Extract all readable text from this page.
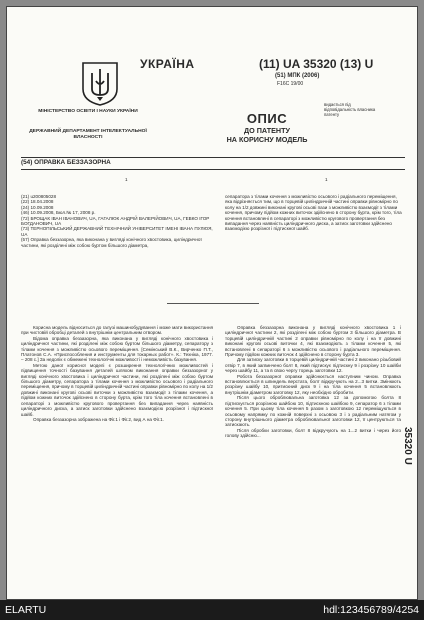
УКРАЇНА
МІНІСТЕРСТВО ОСВІТИ І НАУКИ УКРАЇНИ
ДЕРЖАВНИЙ ДЕПАРТАМЕНТ ІНТЕЛЕКТУАЛЬНОЇ ВЛАСНОСТІ
(11) UA 35320 (13) U
(51) МПК (2006)
F16C 19/00
видається під відповідальність власника патенту
ОПИС
ДО ПАТЕНТУ
НА КОРИСНУ МОДЕЛЬ
(54) ОПРАВКА БЕЗЗАЗОРНА
1	1

(21) u200805028

(22) 18.04.2008

(24) 10.09.2008

(46) 10.09.2008, Бюл.№ 17, 2008 р.

(72) БРОЩАК ІВАН ІВАНОВИЧ, UA, ГАГАЛЮК АНДРІЙ ВАЛЕРІЙОВИЧ, UA, ГЕВКО ІГОР БОГДАНОВИЧ, UA

(73) ТЕРНОПІЛЬСЬКИЙ ДЕРЖАВНИЙ ТЕХНІЧНИЙ УНІВЕРСИТЕТ ІМЕНІ ІВАНА ПУЛЮЯ, UA

(57) Оправка беззазорна, яка виконана у вигляді конічного хвостовика, циліндричної частини, які розділені між собою буртом більшого діаметра,

сепаратора з тілами кочення з можливістю осьового і радіального переміщення, яка відрізняється тим, що в торцевій циліндричній частині оправки рівномірно по колу на 1/2 довжині виконані кругові осьові пази з можливістю взаємодії з тілами кочення, причому підйом кожних виточок здійснено в сторону бурта, крім того, тіла кочення встановлені в сепараторі з можливістю кругового провертання без випадання через наявність циліндричного диска, а затиск заготовки здійснено взаємодією розрізної і підтискної шайб.

Корисна модель відноситься до галузі машинобудування і може мати використання при чистовій обробці деталей з внутрішнім центральним отвором.

Відома оправка беззазорна, яка виконана у вигляді конічного хвостовика і циліндричної частини, які розділені між собою буртом більшого діаметру, сепаратору з тілами кочення з можливістю осьового переміщення. [Семінський В.К., Вирченко П.Т., Платонов С.А. «Приспособления и инструменты для токарных работ». К.: Техніка, 1977. – 208 с.] За недолік є обмежені технологічні можливості і неможливість базування.

Метою даної корисної моделі є розширення технологічних можливостей і підвищення точності базування деталей шляхом виконання оправки беззазорної у вигляді конічного хвостовика і циліндричної частини, які розділені між собою буртом більшого діаметру, сепаратора з тілами кочення з можливістю осьового і радіального переміщення, причому в торцевій циліндричній частині оправки рівномірно по колу на 1/2 довжині виконані кругові осьові виточки з можливістю взаємодії з тілами кочення, а підйом кожних виточок здійснено в сторону бурта, крім того тіла кочення встановлені в сепараторі з можливістю кругового провертання без випадання через наявність циліндричного диска, а затиск заготовки здійснено взаємодією розрізної і підтискної шайб.

Оправка беззазорна зображена на Фіг.1 і Фіг.2, вид А на Фіг.1.

Оправка беззазорна виконана у вигляді конічного хвостовика 1 і циліндричної частини 2, які розділені між собою буртом 3 більшого діаметра. В торцевій циліндричній частині 2 оправки рівномірно по колу і на її довжині виконані кругові осьові виточки 4, які взаємодіють з тілами кочення 5, які встановлені в сепараторі 6 з можливістю осьового і радіального переміщення. Причому підйом кожних виточок 4 здійснено в сторону бурта 3.

Для затиску заготовки в торцевій циліндричній частині 2 виконано різьбовий отвір 7, в який загвинчено болт 8, який підтискує підтискну 9 і розрізну 10 шайби через шайбу 11, а та в свою чергу торець заготовки 12.

Робота беззазорної оправки здійснюється наступним чином. Оправка встановлюється в шпиндель верстата, болт відкручують на 2...3 витки. Змінюють розрізну шайбу 10, притискний диск 9 і на тіла кочення 5 встановлюють внутрішнім діаметром заготовку 12, яку необхідно обробити.

Після цього оброблювальна заготовка 12 за допомогою болта 8 підтискується розрізною шайбою 10, підтискною шайбою 9, сепаратор 6 з тілами кочення 5. При цьому тіла кочення 5 разом з заготовкою 12 переміщуються в осьовому напрямку по кожній поверхні з осьовою 3 і з радіальним натягом у сторону внутрішнього діаметра оброблювальної заготовки 12, її центруються та затискають.

Після обробки заготовки, болт 8 відкручують на 1...2 витки і через його голову здійсню...	35320 U
ELARTU	hdl:123456789/4254
